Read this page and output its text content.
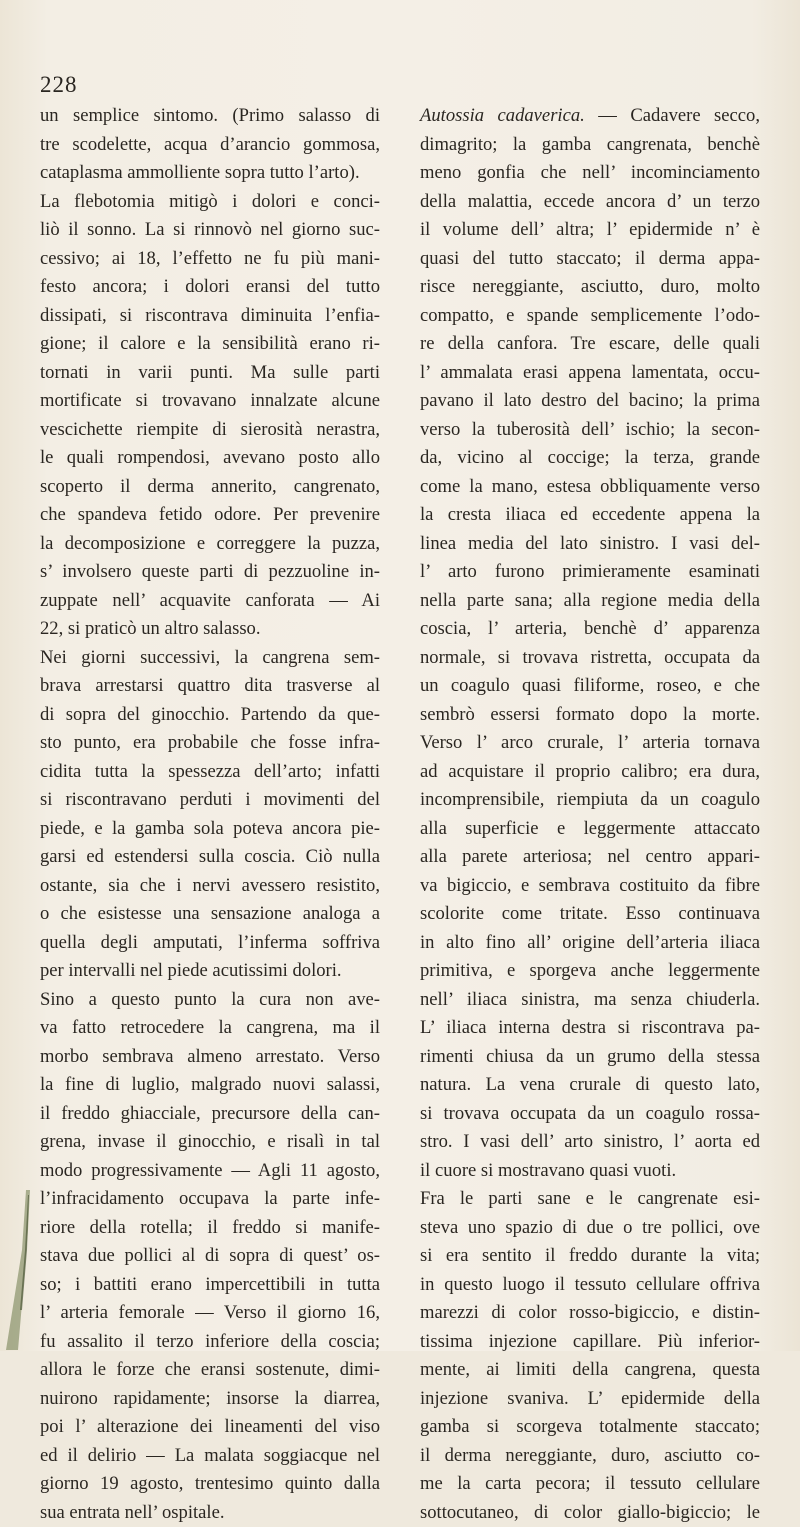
228
un semplice sintomo. (Primo salasso di
tre scodelette, acqua d’arancio gommosa,
cataplasma ammolliente sopra tutto l’arto).
La flebotomia mitigò i dolori e conci-
liò il sonno. La si rinnovò nel giorno suc-
cessivo; ai 18, l’effetto ne fu più mani-
festo ancora; i dolori eransi del tutto
dissipati, si riscontrava diminuita l’enfia-
gione; il calore e la sensibilità erano ri-
tornati in varii punti. Ma sulle parti
mortificate si trovavano innalzate alcune
vescichette riempite di sierosità nerastra,
le quali rompendosi, avevano posto allo
scoperto il derma annerito, cangrenato,
che spandeva fetido odore. Per prevenire
la decomposizione e correggere la puzza,
s’ involsero queste parti di pezzuoline in-
zuppate nell’ acquavite canforata — Ai
22, si praticò un altro salasso.
Nei giorni successivi, la cangrena sem-
brava arrestarsi quattro dita trasverse al
di sopra del ginocchio. Partendo da que-
sto punto, era probabile che fosse infra-
cidita tutta la spessezza dell’arto; infatti
si riscontravano perduti i movimenti del
piede, e la gamba sola poteva ancora pie-
garsi ed estendersi sulla coscia. Ciò nulla
ostante, sia che i nervi avessero resistito,
o che esistesse una sensazione analoga a
quella degli amputati, l’inferma soffriva
per intervalli nel piede acutissimi dolori.
Sino a questo punto la cura non ave-
va fatto retrocedere la cangrena, ma il
morbo sembrava almeno arrestato. Verso
la fine di luglio, malgrado nuovi salassi,
il freddo ghiacciale, precursore della can-
grena, invase il ginocchio, e risalì in tal
modo progressivamente — Agli 11 agosto,
l’infracidamento occupava la parte infe-
riore della rotella; il freddo si manife-
stava due pollici al di sopra di quest’ os-
so; i battiti erano impercettibili in tutta
l’ arteria femorale — Verso il giorno 16,
fu assalito il terzo inferiore della coscia;
allora le forze che eransi sostenute, dimi-
nuirono rapidamente; insorse la diarrea,
poi l’ alterazione dei lineamenti del viso
ed il delirio — La malata soggiacque nel
giorno 19 agosto, trentesimo quinto dalla
sua entrata nell’ ospitale.
Autossia cadaverica. — Cadavere secco,
dimagrito; la gamba cangrenata, benchè
meno gonfia che nell’ incominciamento
della malattia, eccede ancora d’ un terzo
il volume dell’ altra; l’ epidermide n’ è
quasi del tutto staccato; il derma appa-
risce nereggiante, asciutto, duro, molto
compatto, e spande semplicemente l’odo-
re della canfora. Tre escare, delle quali
l’ ammalata erasi appena lamentata, occu-
pavano il lato destro del bacino; la prima
verso la tuberosità dell’ ischio; la secon-
da, vicino al coccige; la terza, grande
come la mano, estesa obbliquamente verso
la cresta iliaca ed eccedente appena la
linea media del lato sinistro. I vasi del-
l’ arto furono primieramente esaminati
nella parte sana; alla regione media della
coscia, l’ arteria, benchè d’ apparenza
normale, si trovava ristretta, occupata da
un coagulo quasi filiforme, roseo, e che
sembrò essersi formato dopo la morte.
Verso l’ arco crurale, l’ arteria tornava
ad acquistare il proprio calibro; era dura,
incomprensibile, riempiuta da un coagulo
alla superficie e leggermente attaccato
alla parete arteriosa; nel centro appari-
va bigiccio, e sembrava costituito da fibre
scolorite come tritate. Esso continuava
in alto fino all’ origine dell’arteria iliaca
primitiva, e sporgeva anche leggermente
nell’ iliaca sinistra, ma senza chiuderla.
L’ iliaca interna destra si riscontrava pa-
rimenti chiusa da un grumo della stessa
natura. La vena crurale di questo lato,
si trovava occupata da un coagulo rossa-
stro. I vasi dell’ arto sinistro, l’ aorta ed
il cuore si mostravano quasi vuoti.
Fra le parti sane e le cangrenate esi-
steva uno spazio di due o tre pollici, ove
si era sentito il freddo durante la vita;
in questo luogo il tessuto cellulare offriva
marezzi di color rosso-bigiccio, e distin-
tissima injezione capillare. Più inferior-
mente, ai limiti della cangrena, questa
injezione svaniva. L’ epidermide della
gamba si scorgeva totalmente staccato;
il derma nereggiante, duro, asciutto co-
me la carta pecora; il tessuto cellulare
sottocutaneo, di color giallo-bigiccio; le
